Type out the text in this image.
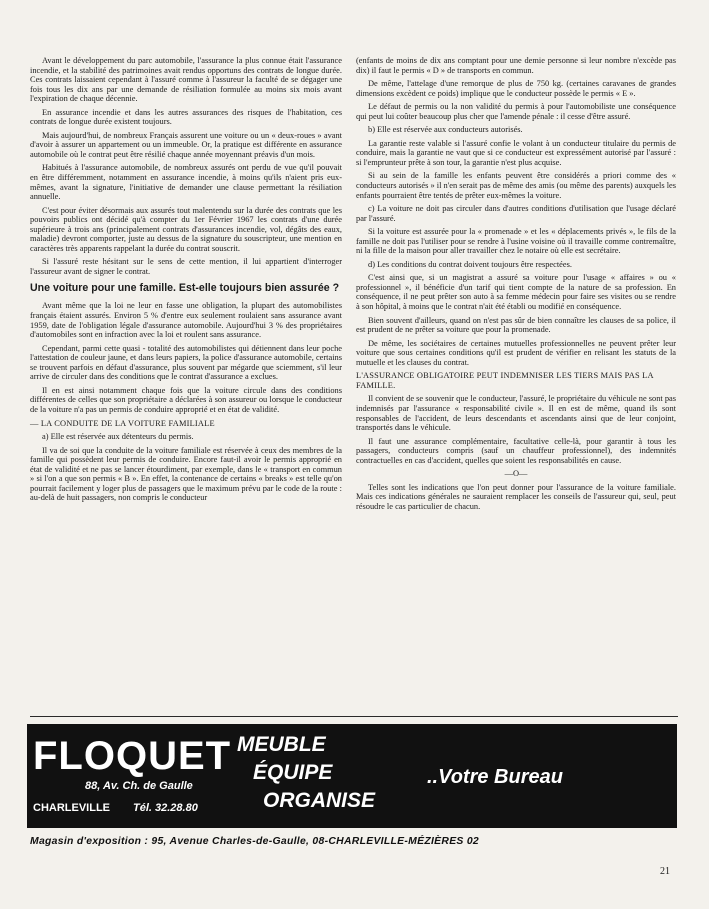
Avant le développement du parc automobile, l'assurance la plus connue était l'assurance incendie, et la stabilité des patrimoines avait rendus opportuns des contrats de longue durée. Ces contrats laissaient cependant à l'assuré comme à l'assureur la faculté de se dégager une fois tous les dix ans par une demande de résiliation formulée au moins six mois avant l'expiration de chaque décennie.

En assurance incendie et dans les autres assurances des risques de l'habitation, ces contrats de longue durée existent toujours.

Mais aujourd'hui, de nombreux Français assurent une voiture ou un « deux-roues » avant d'avoir à assurer un appartement ou un immeuble. Or, la pratique est différente en assurance automobile où le contrat peut être résilié chaque année moyennant préavis d'un mois.

Habitués à l'assurance automobile, de nombreux assurés ont perdu de vue qu'il pouvait en être différemment, notamment en assurance incendie, à moins qu'ils n'aient pris eux-mêmes, avant la signature, l'initiative de demander une clause permettant la résiliation annuelle.

C'est pour éviter désormais aux assurés tout malentendu sur la durée des contrats que les pouvoirs publics ont décidé qu'à compter du 1er Février 1967 les contrats d'une durée supérieure à trois ans (principalement contrats d'assurances incendie, vol, dégâts des eaux, maladie) devront comporter, juste au dessus de la signature du souscripteur, une mention en caractères très apparents rappelant la durée du contrat souscrit.

Si l'assuré reste hésitant sur le sens de cette mention, il lui appartient d'interroger l'assureur avant de signer le contrat.

Une voiture pour une famille. Est-elle toujours bien assurée ?

Avant même que la loi ne leur en fasse une obligation, la plupart des automobilistes français étaient assurés. Environ 5 % d'entre eux seulement roulaient sans assurance avant 1959, date de l'obligation légale d'assurance automobile. Aujourd'hui 3 % des propriétaires d'automobiles sont en infraction avec la loi et roulent sans assurance.

Cependant, parmi cette quasi - totalité des automobilistes qui détiennent dans leur poche l'attestation de couleur jaune, et dans leurs papiers, la police d'assurance automobile, certains se trouvent parfois en défaut d'assurance, plus souvent par mégarde que sciemment, s'il leur arrive de circuler dans des conditions que le contrat d'assurance a exclues.

Il en est ainsi notamment chaque fois que la voiture circule dans des conditions différentes de celles que son propriétaire a déclarées à son assureur ou lorsque le conducteur de la voiture n'a pas un permis de conduire approprié et en état de validité.

— LA CONDUITE DE LA VOITURE FAMILIALE

a) Elle est réservée aux détenteurs du permis.

Il va de soi que la conduite de la voiture familiale est réservée à ceux des membres de la famille qui possèdent leur permis de conduire. Encore faut-il avoir le permis approprié en état de validité et ne pas se lancer étourdiment, par exemple, dans le « transport en commun » si l'on a que son permis « B ». En effet, la contenance de certains « breaks » est telle qu'on pourrait facilement y loger plus de passagers que le maximum prévu par le code de la route : au-delà de huit passagers, non compris le conducteur

(enfants de moins de dix ans comptant pour une demie personne si leur nombre n'excède pas dix) il faut le permis « D » de transports en commun.

De même, l'attelage d'une remorque de plus de 750 kg. (certaines caravanes de grandes dimensions excèdent ce poids) implique que le conducteur possède le permis « E ».

Le défaut de permis ou la non validité du permis à pour l'automobiliste une conséquence qui peut lui coûter beaucoup plus cher que l'amende pénale : il cesse d'être assuré.

b) Elle est réservée aux conducteurs autorisés.

La garantie reste valable si l'assuré confie le volant à un conducteur titulaire du permis de conduire, mais la garantie ne vaut que si ce conducteur est expressément autorisé par l'assuré : si l'emprunteur prête à son tour, la garantie n'est plus acquise.

Si au sein de la famille les enfants peuvent être considérés a priori comme des « conducteurs autorisés » il n'en serait pas de même des amis (ou même des parents) auxquels les enfants pourraient être tentés de prêter eux-mêmes la voiture.

c) La voiture ne doit pas circuler dans d'autres conditions d'utilisation que l'usage déclaré par l'assuré.

Si la voiture est assurée pour la « promenade » et les « déplacements privés », le fils de la famille ne doit pas l'utiliser pour se rendre à l'usine voisine où il travaille comme contremaître, ni la fille de la maison pour aller travailler chez le notaire où elle est secrétaire.

d) Les conditions du contrat doivent toujours être respectées.

C'est ainsi que, si un magistrat a assuré sa voiture pour l'usage « affaires » ou « professionnel », il bénéficie d'un tarif qui tient compte de la nature de sa profession. En conséquence, il ne peut prêter son auto à sa femme médecin pour faire ses visites ou se rendre à son hôpital, à moins que le contrat n'ait été établi ou modifié en conséquence.

Bien souvent d'ailleurs, quand on n'est pas sûr de bien connaître les clauses de sa police, il est prudent de ne prêter sa voiture que pour la promenade.

De même, les sociétaires de certaines mutuelles professionnelles ne peuvent prêter leur voiture que sous certaines conditions qu'il est prudent de vérifier en relisant les statuts de la mutuelle et les clauses du contrat.

L'ASSURANCE OBLIGATOIRE PEUT INDEMNISER LES TIERS MAIS PAS LA FAMILLE.

Il convient de se souvenir que le conducteur, l'assuré, le propriétaire du véhicule ne sont pas indemnisés par l'assurance « responsabilité civile ». Il en est de même, quand ils sont responsables de l'accident, de leurs descendants et ascendants ainsi que de leur conjoint, transportés dans le véhicule.

Il faut une assurance complémentaire, facultative celle-là, pour garantir à tous les passagers, conducteurs compris (sauf un chauffeur professionnel), des indemnités contractuelles en cas d'accident, quelles que soient les responsabilités en cause.

—O—

Telles sont les indications que l'on peut donner pour l'assurance de la voiture familiale. Mais ces indications générales ne sauraient remplacer les conseils de l'assureur qui, seul, peut résoudre le cas particulier de chacun.

FLOQUET MEUBLE
ÉQUIPE
ORGANISE
88, Av. Ch. de Gaulle
CHARLEVILLE Tél. 32.28.80
..Votre Bureau
Magasin d'exposition : 95, Avenue Charles-de-Gaulle, 08-CHARLEVILLE-MÉZIÈRES 02
21
